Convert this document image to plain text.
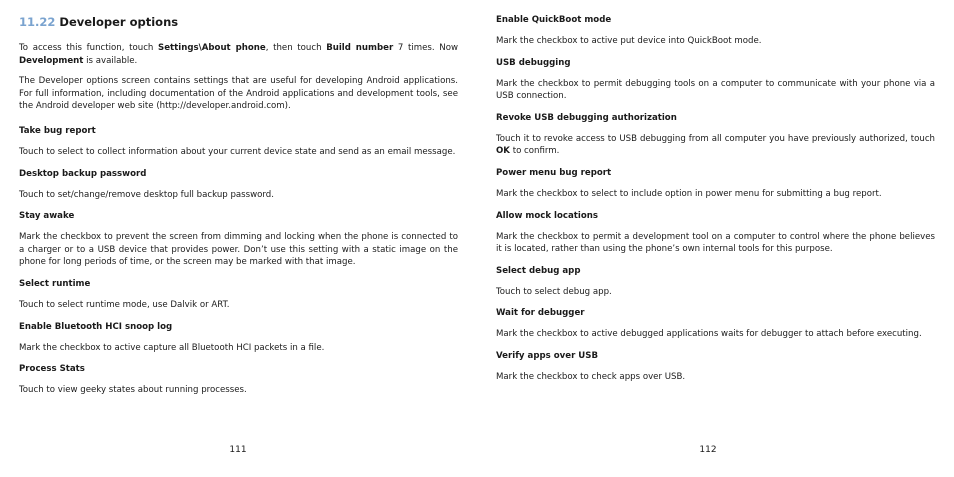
11.22 Developer options

To access this function, touch Settings\About phone, then touch Build number 7 times. Now Development is available.

The Developer options screen contains settings that are useful for developing Android applications. For full information, including documentation of the Android applications and development tools, see the Android developer web site (http://developer.android.com).

Take bug report

Touch to select to collect information about your current device state and send as an email message.

Desktop backup password

Touch to set/change/remove desktop full backup password.

Stay awake

Mark the checkbox to prevent the screen from dimming and locking when the phone is connected to a charger or to a USB device that provides power. Don’t use this setting with a static image on the phone for long periods of time, or the screen may be marked with that image.

Select runtime

Touch to select runtime mode, use Dalvik or ART.

Enable Bluetooth HCI snoop log

Mark the checkbox to active capture all Bluetooth HCI packets in a file.

Process Stats

Touch to view geeky states about running processes.

111
Enable QuickBoot mode

Mark the checkbox to active put device into QuickBoot mode.

USB debugging

Mark the checkbox to permit debugging tools on a computer to communicate with your phone via a USB connection.

Revoke USB debugging authorization

Touch it to revoke access to USB debugging from all computer you have previously authorized, touch OK to confirm.

Power menu bug report

Mark the checkbox to select to include option in power menu for submitting a bug report.

Allow mock locations

Mark the checkbox to permit a development tool on a computer to control where the phone believes it is located, rather than using the phone’s own internal tools for this purpose.

Select debug app

Touch to select debug app.

Wait for debugger

Mark the checkbox to active debugged applications waits for debugger to attach before executing.

Verify apps over USB

Mark the checkbox to check apps over USB.

112
